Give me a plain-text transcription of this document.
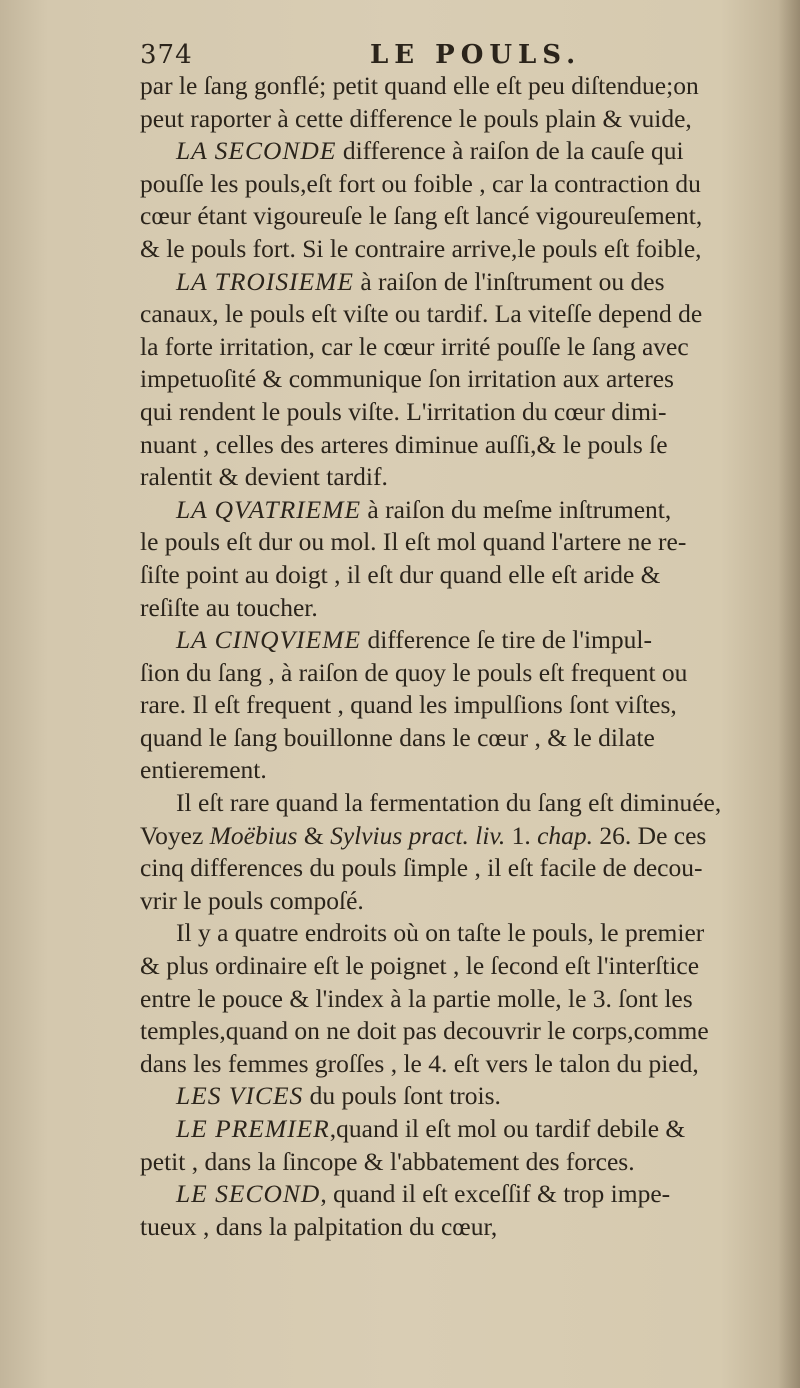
374	LE POULS.
par le ſang gonflé; petit quand elle eſt peu diſtendue;on
peut raporter à cette difference le pouls plain & vuide,
LA SECONDE difference à raiſon de la cauſe qui
pouſſe les pouls,eſt fort ou foible , car la contraction du
cœur étant vigoureuſe le ſang eſt lancé vigoureuſement,
& le pouls fort. Si le contraire arrive,le pouls eſt foible,
LA TROISIEME à raiſon de l'inſtrument ou des
canaux, le pouls eſt viſte ou tardif. La viteſſe depend de
la forte irritation, car le cœur irrité pouſſe le ſang avec
impetuoſité & communique ſon irritation aux arteres
qui rendent le pouls viſte. L'irritation du cœur dimi-
nuant , celles des arteres diminue auſſi,& le pouls ſe
ralentit & devient tardif.
LA QVATRIEME à raiſon du meſme inſtrument,
le pouls eſt dur ou mol. Il eſt mol quand l'artere ne re-
ſiſte point au doigt , il eſt dur quand elle eſt aride &
reſiſte au toucher.
LA CINQVIEME difference ſe tire de l'impul-
ſion du ſang , à raiſon de quoy le pouls eſt frequent ou
rare. Il eſt frequent , quand les impulſions ſont viſtes,
quand le ſang bouillonne dans le cœur , & le dilate
entierement.
Il eſt rare quand la fermentation du ſang eſt diminuée,
Voyez Moëbius & Sylvius pract. liv. 1. chap. 26. De ces
cinq differences du pouls ſimple , il eſt facile de decou-
vrir le pouls compoſé.
Il y a quatre endroits où on taſte le pouls, le premier
& plus ordinaire eſt le poignet , le ſecond eſt l'interſtice
entre le pouce & l'index à la partie molle, le 3. ſont les
temples,quand on ne doit pas decouvrir le corps,comme
dans les femmes groſſes , le 4. eſt vers le talon du pied,
LES VICES du pouls ſont trois.
LE PREMIER,quand il eſt mol ou tardif debile &
petit , dans la ſincope & l'abbatement des forces.
LE SECOND, quand il eſt exceſſif & trop impe-
tueux , dans la palpitation du cœur,
